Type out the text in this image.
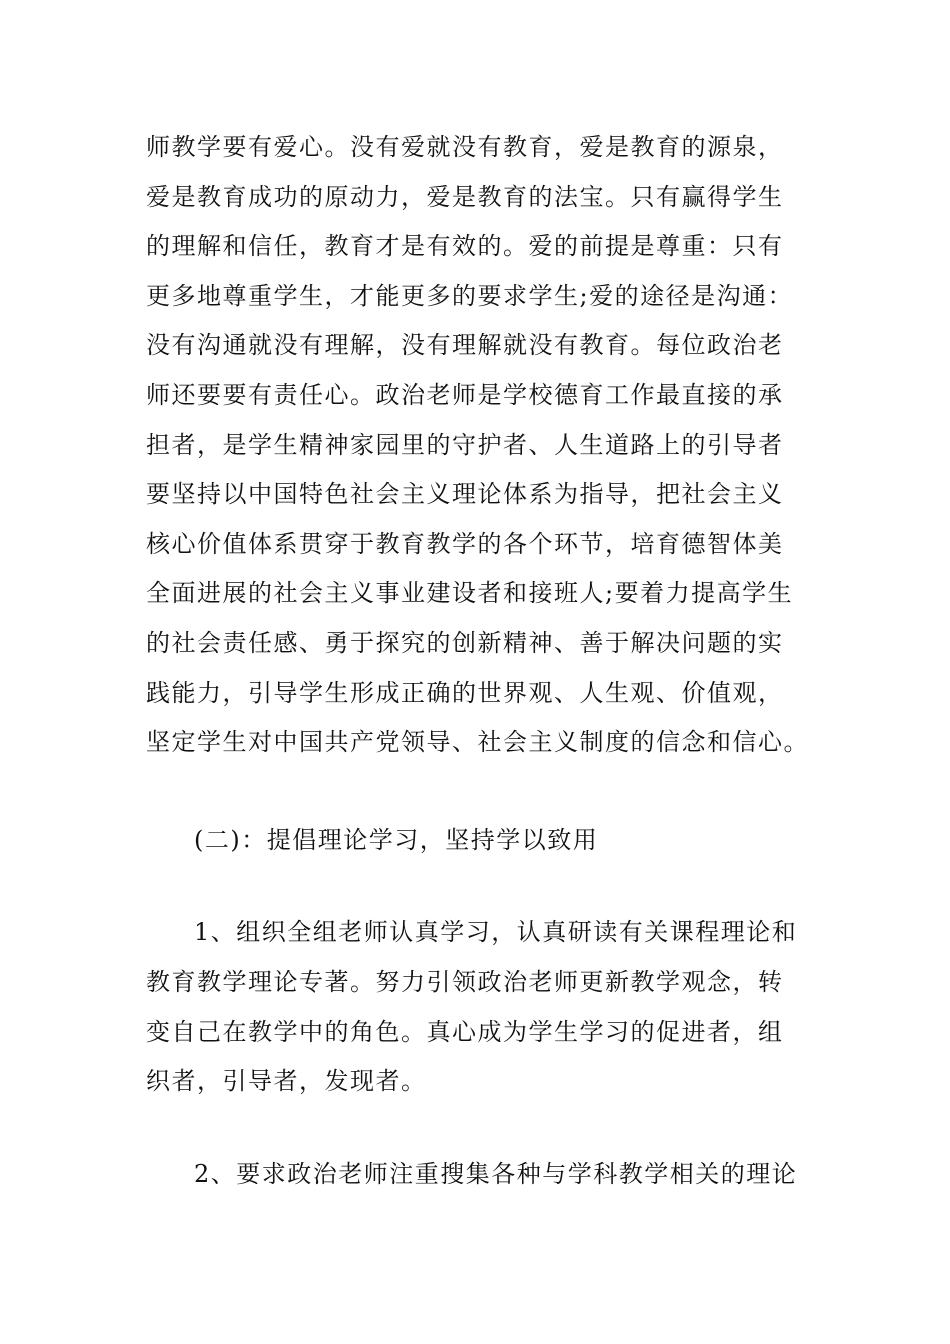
师教学要有爱心。没有爱就没有教育，爱是教育的源泉，
爱是教育成功的原动力，爱是教育的法宝。只有赢得学生
的理解和信任，教育才是有效的。爱的前提是尊重：只有
更多地尊重学生，才能更多的要求学生;爱的途径是沟通：
没有沟通就没有理解，没有理解就没有教育。每位政治老
师还要要有责任心。政治老师是学校德育工作最直接的承
担者，是学生精神家园里的守护者、人生道路上的引导者
要坚持以中国特色社会主义理论体系为指导，把社会主义
核心价值体系贯穿于教育教学的各个环节，培育德智体美
全面进展的社会主义事业建设者和接班人;要着力提高学生
的社会责任感、勇于探究的创新精神、善于解决问题的实
践能力，引导学生形成正确的世界观、人生观、价值观，
坚定学生对中国共产党领导、社会主义制度的信念和信心。
(二)：提倡理论学习，坚持学以致用
1、组织全组老师认真学习，认真研读有关课程理论和
教育教学理论专著。努力引领政治老师更新教学观念，转
变自己在教学中的角色。真心成为学生学习的促进者，组
织者，引导者，发现者。
2、要求政治老师注重搜集各种与学科教学相关的理论
